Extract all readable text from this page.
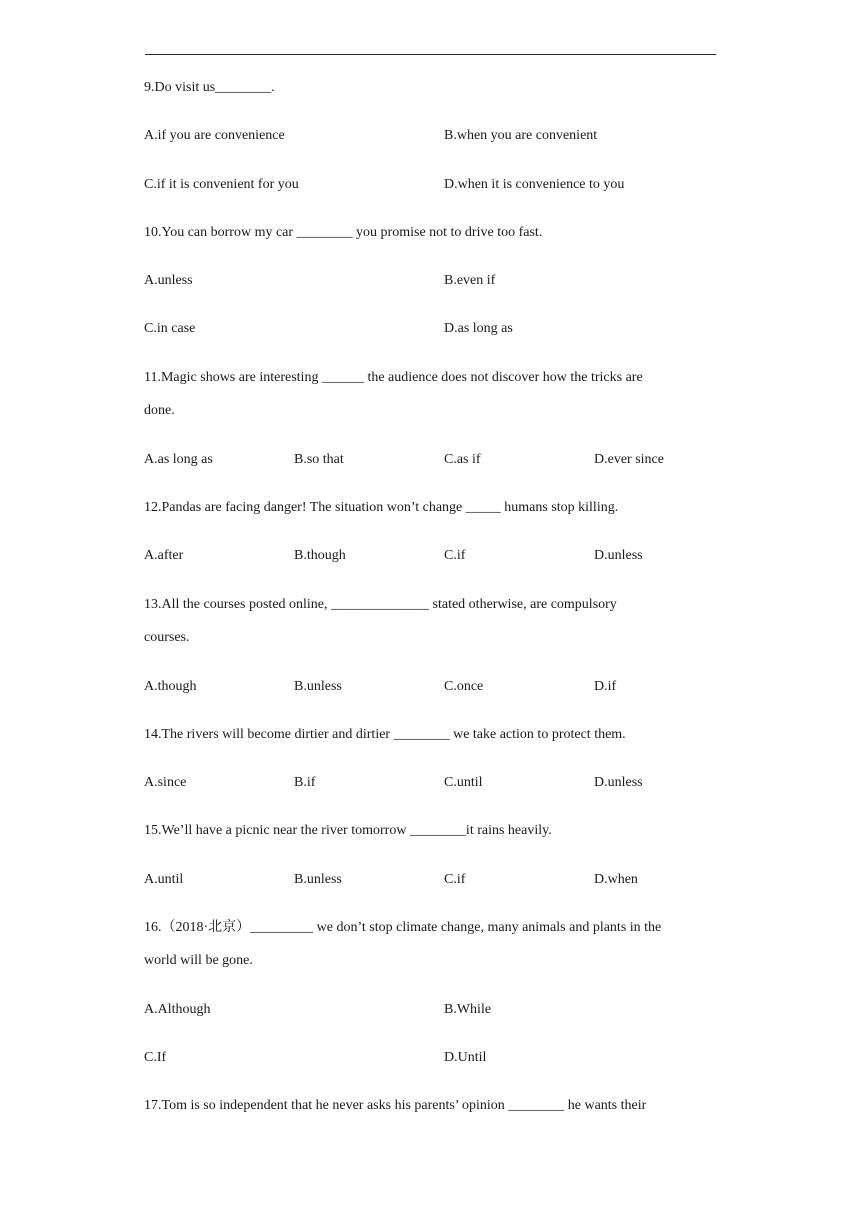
9.Do visit us________.
A.if you are convenience	B.when you are convenient
C.if it is convenient for you	D.when it is convenience to you
10.You can borrow my car ________ you promise not to drive too fast.
A.unless	B.even if
C.in case	D.as long as
11.Magic shows are interesting ______ the audience does not discover how the tricks are
done.
A.as long as	B.so that	C.as if	D.ever since
12.Pandas are facing danger! The situation won’t change _____ humans stop killing.
A.after	B.though	C.if	D.unless
13.All the courses posted online, ______________ stated otherwise, are compulsory
courses.
A.though	B.unless	C.once	D.if
14.The rivers will become dirtier and dirtier ________ we take action to protect them.
A.since	B.if	C.until	D.unless
15.We’ll have a picnic near the river tomorrow ________it rains heavily.
A.until	B.unless	C.if	D.when
16.（2018·北京）_________ we don’t stop climate change, many animals and plants in the
world will be gone.
A.Although	B.While
C.If	D.Until
17.Tom is so independent that he never asks his parents’ opinion ________ he wants their
